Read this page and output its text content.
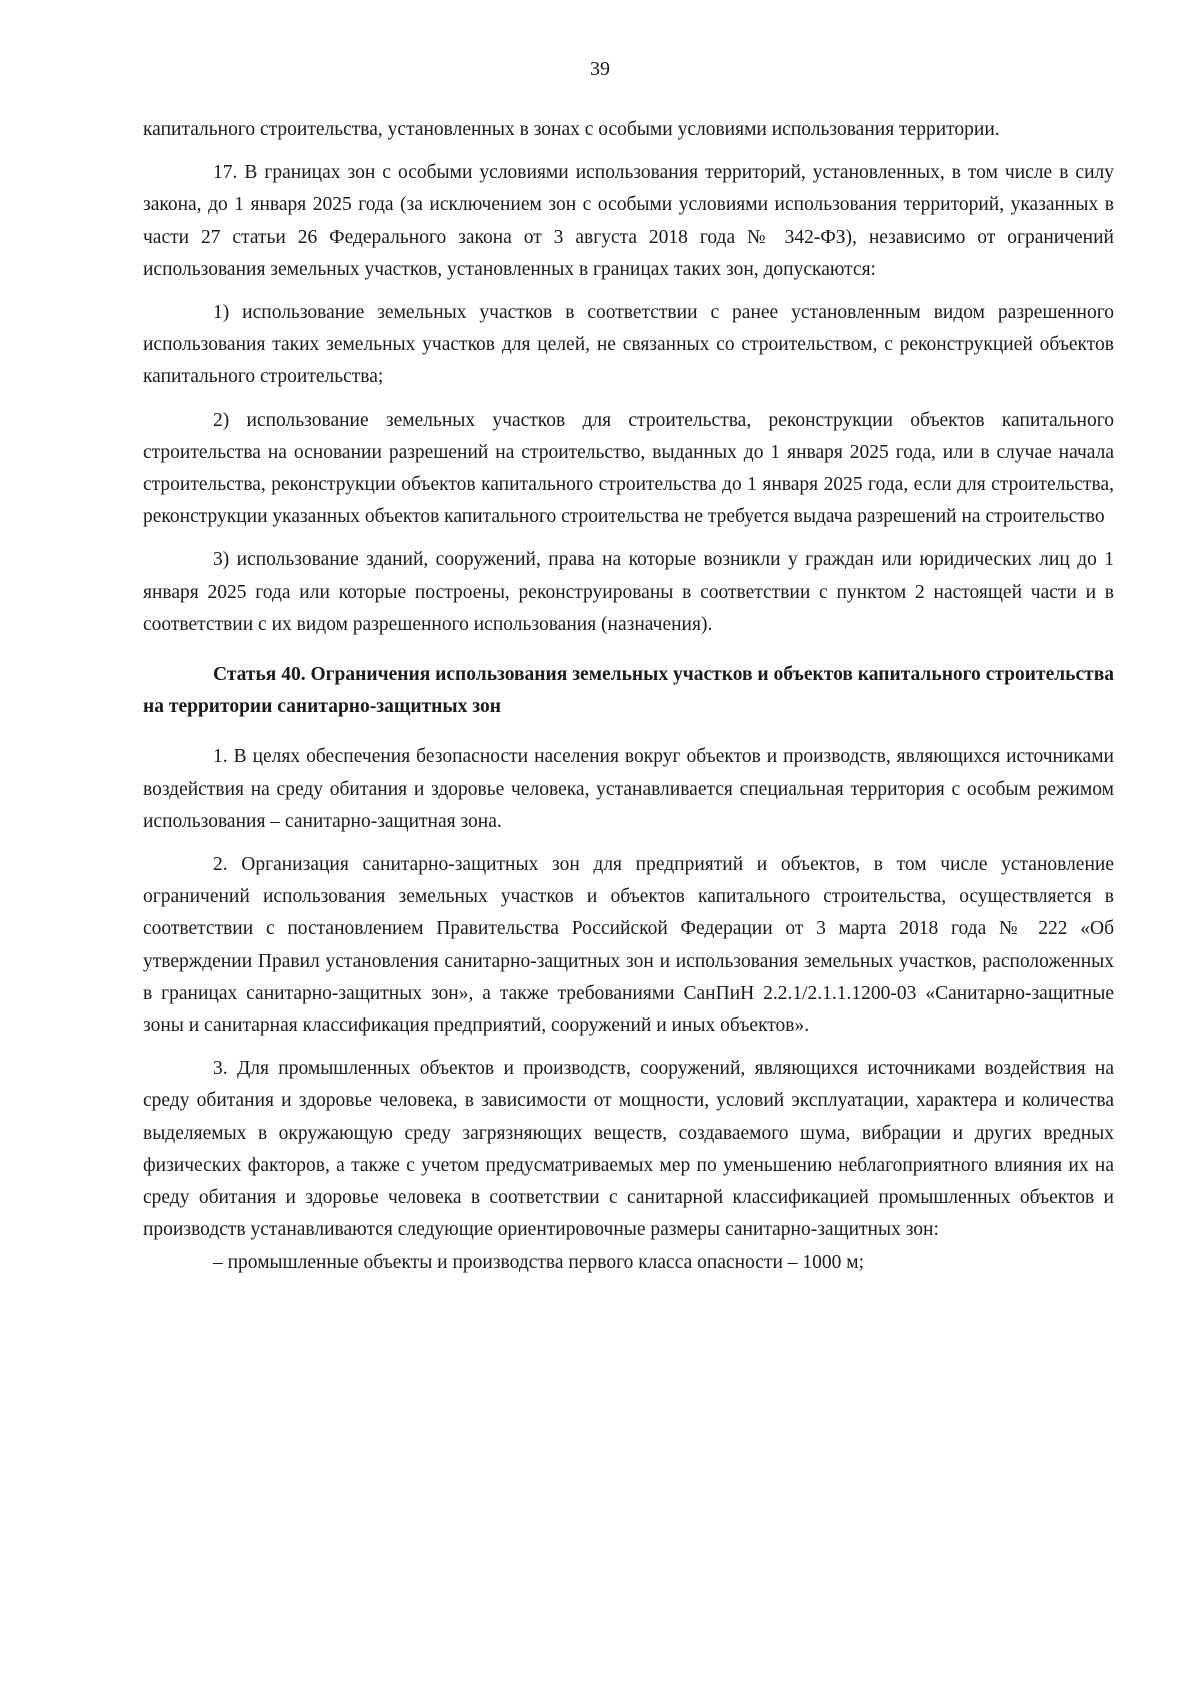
39

капитального строительства, установленных в зонах с особыми условиями использования территории.

17. В границах зон с особыми условиями использования территорий, установленных, в том числе в силу закона, до 1 января 2025 года (за исключением зон с особыми условиями использования территорий, указанных в части 27 статьи 26 Федерального закона от 3 августа 2018 года № 342-ФЗ), независимо от ограничений использования земельных участков, установленных в границах таких зон, допускаются:

1) использование земельных участков в соответствии с ранее установленным видом разрешенного использования таких земельных участков для целей, не связанных со строительством, с реконструкцией объектов капитального строительства;

2) использование земельных участков для строительства, реконструкции объектов капитального строительства на основании разрешений на строительство, выданных до 1 января 2025 года, или в случае начала строительства, реконструкции объектов капитального строительства до 1 января 2025 года, если для строительства, реконструкции указанных объектов капитального строительства не требуется выдача разрешений на строительство

3) использование зданий, сооружений, права на которые возникли у граждан или юридических лиц до 1 января 2025 года или которые построены, реконструированы в соответствии с пунктом 2 настоящей части и в соответствии с их видом разрешенного использования (назначения).

Статья 40. Ограничения использования земельных участков и объектов капитального строительства на территории санитарно-защитных зон

1. В целях обеспечения безопасности населения вокруг объектов и производств, являющихся источниками воздействия на среду обитания и здоровье человека, устанавливается специальная территория с особым режимом использования – санитарно-защитная зона.

2. Организация санитарно-защитных зон для предприятий и объектов, в том числе установление ограничений использования земельных участков и объектов капитального строительства, осуществляется в соответствии с постановлением Правительства Российской Федерации от 3 марта 2018 года № 222 «Об утверждении Правил установления санитарно-защитных зон и использования земельных участков, расположенных в границах санитарно-защитных зон», а также требованиями СанПиН 2.2.1/2.1.1.1200-03 «Санитарно-защитные зоны и санитарная классификация предприятий, сооружений и иных объектов».

3. Для промышленных объектов и производств, сооружений, являющихся источниками воздействия на среду обитания и здоровье человека, в зависимости от мощности, условий эксплуатации, характера и количества выделяемых в окружающую среду загрязняющих веществ, создаваемого шума, вибрации и других вредных физических факторов, а также с учетом предусматриваемых мер по уменьшению неблагоприятного влияния их на среду обитания и здоровье человека в соответствии с санитарной классификацией промышленных объектов и производств устанавливаются следующие ориентировочные размеры санитарно-защитных зон:

– промышленные объекты и производства первого класса опасности – 1000 м;
